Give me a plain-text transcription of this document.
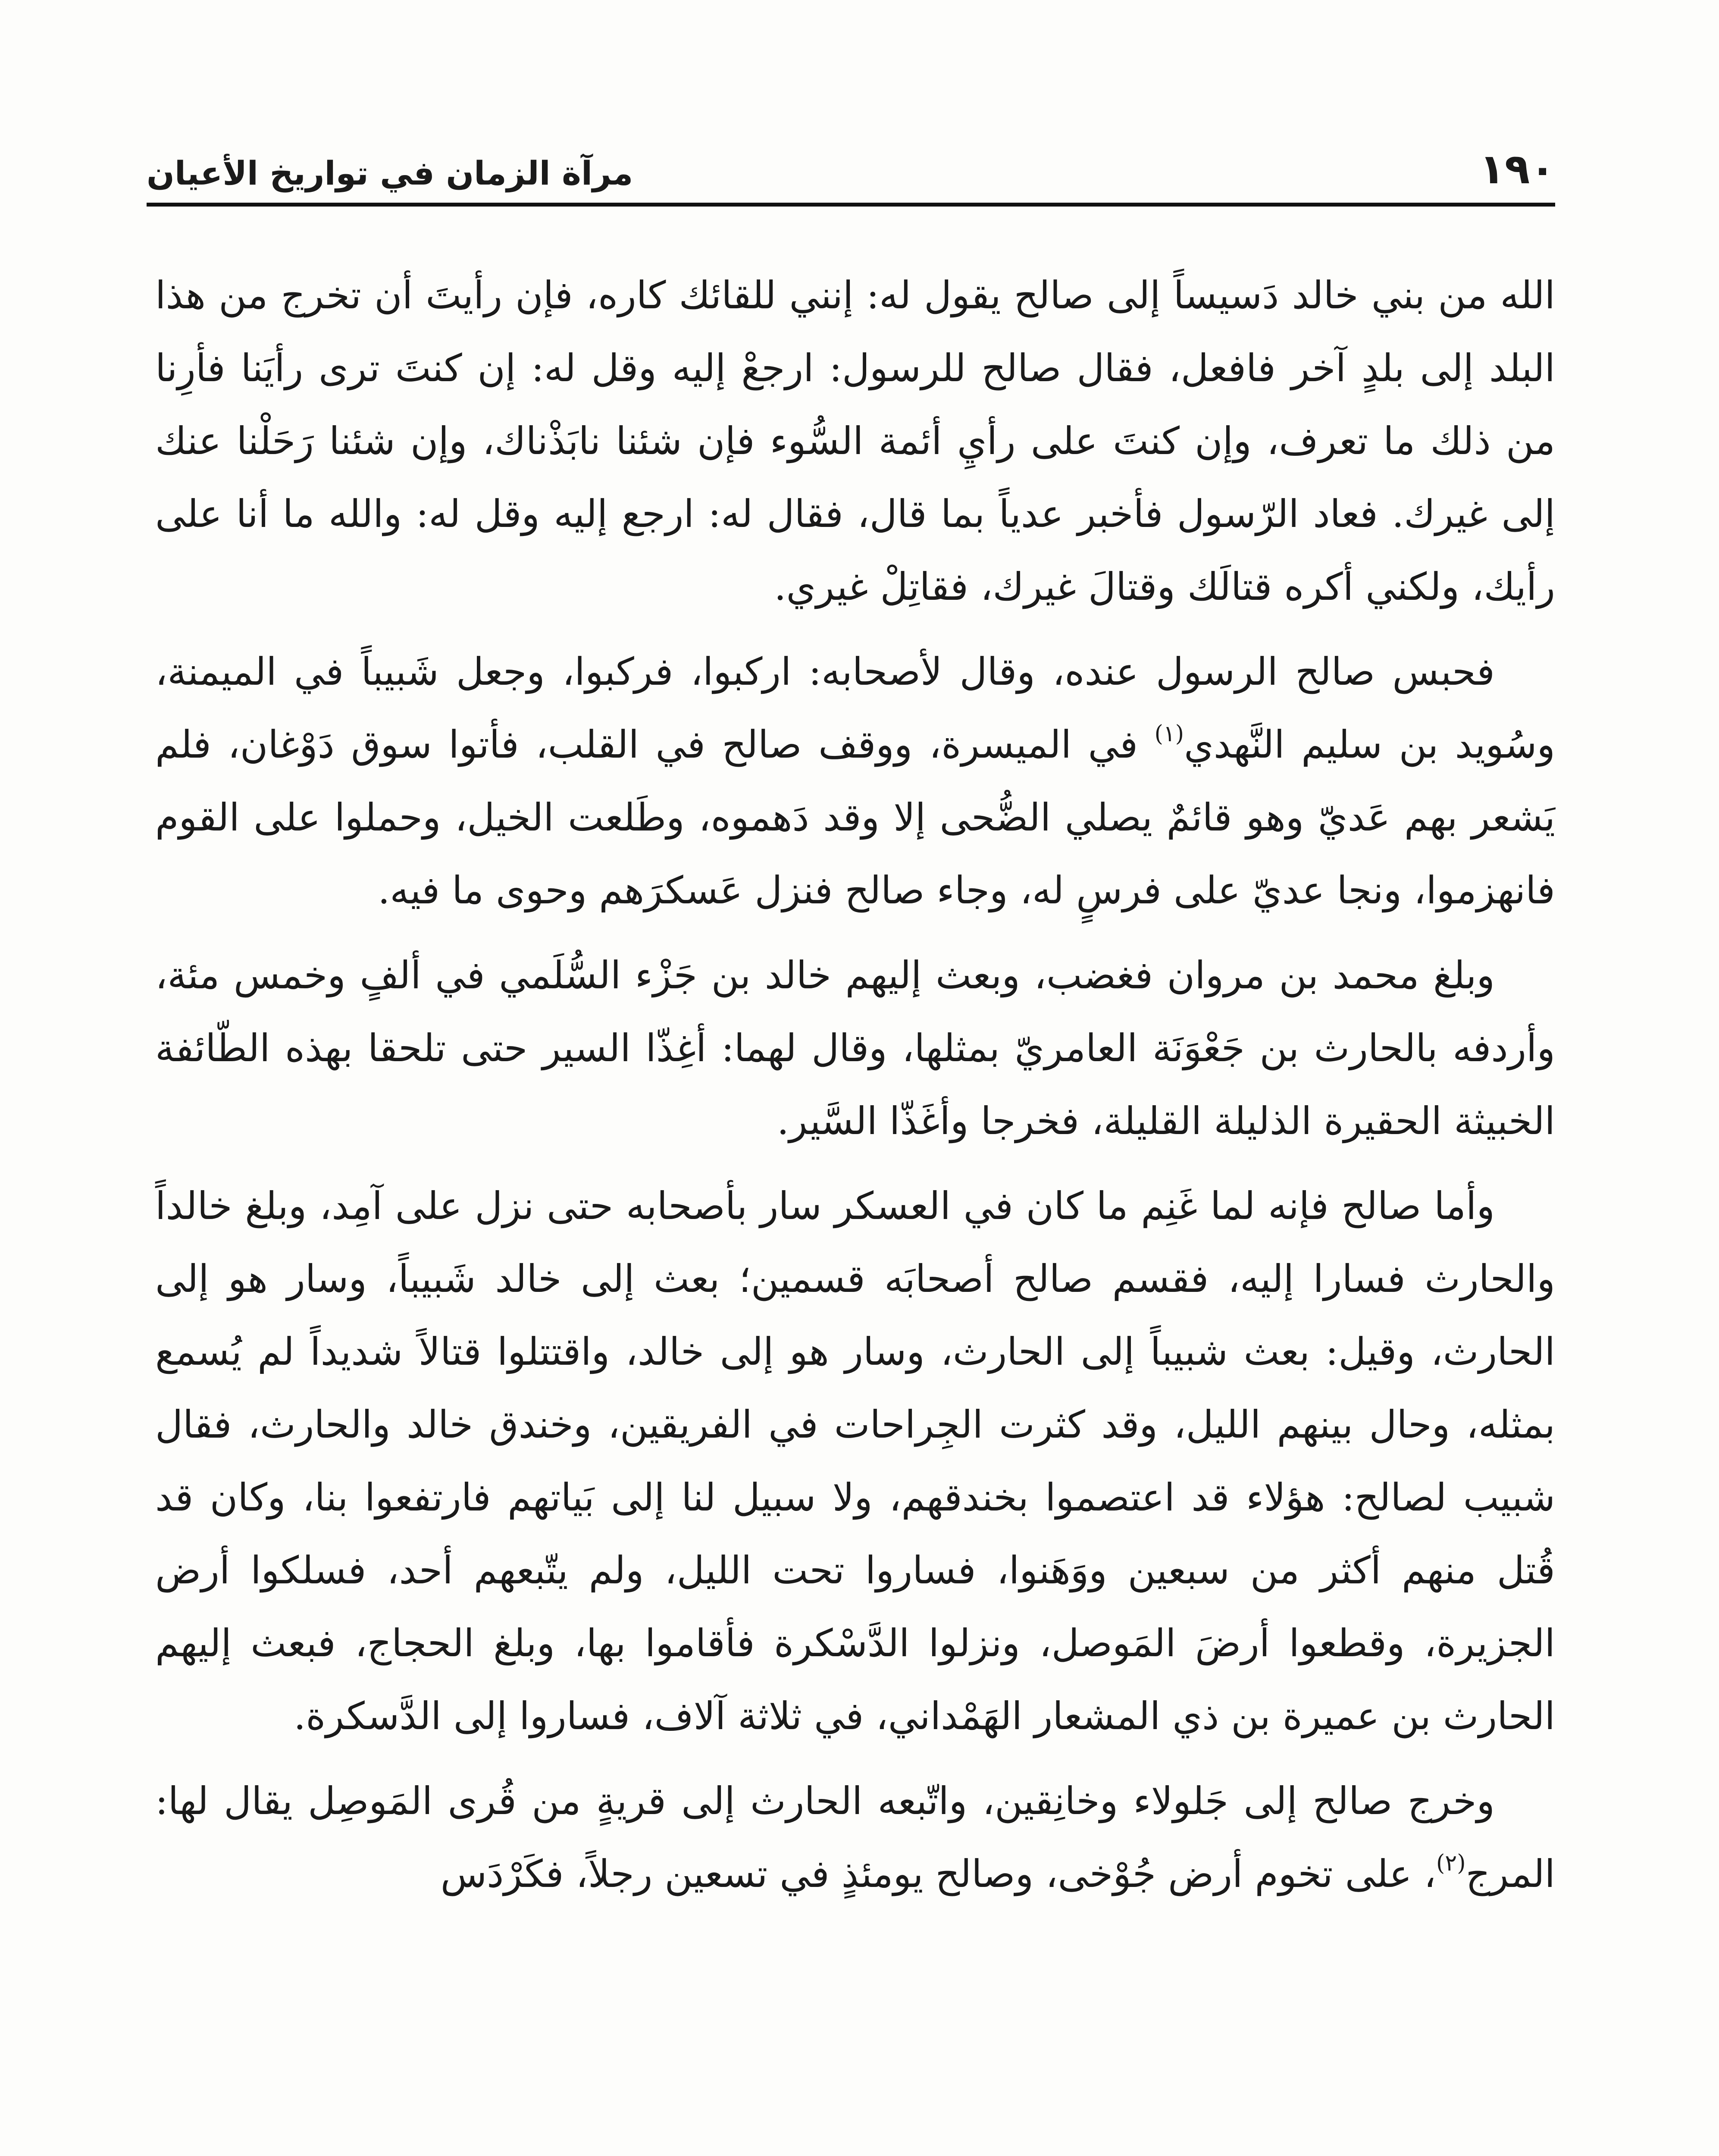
١٩٠
مرآة الزمان في تواريخ الأعيان

الله من بني خالد دَسيساً إلى صالح يقول له: إنني للقائك كاره، فإن رأيتَ أن تخرج من هذا البلد إلى بلدٍ آخر فافعل، فقال صالح للرسول: ارجعْ إليه وقل له: إن كنتَ ترى رأيَنا فأرِنا من ذلك ما تعرف، وإن كنتَ على رأيِ أئمة السُّوء فإن شئنا نابَذْناك، وإن شئنا رَحَلْنا عنك إلى غيرك. فعاد الرّسول فأخبر عدياً بما قال، فقال له: ارجع إليه وقل له: والله ما أنا على رأيك، ولكني أكره قتالَك وقتالَ غيرك، فقاتِلْ غيري.

فحبس صالح الرسول عنده، وقال لأصحابه: اركبوا، فركبوا، وجعل شَبيباً في الميمنة، وسُويد بن سليم النَّهدي$^{(١)}$ في الميسرة، ووقف صالح في القلب، فأتوا سوق دَوْغان، فلم يَشعر بهم عَديّ وهو قائمٌ يصلي الضُّحى إلا وقد دَهموه، وطَلعت الخيل، وحملوا على القوم فانهزموا، ونجا عديّ على فرسٍ له، وجاء صالح فنزل عَسكرَهم وحوى ما فيه.

وبلغ محمد بن مروان فغضب، وبعث إليهم خالد بن جَزْء السُّلَمي في ألفٍ وخمس مئة، وأردفه بالحارث بن جَعْوَنَة العامريّ بمثلها، وقال لهما: أغِذّا السير حتى تلحقا بهذه الطّائفة الخبيثة الحقيرة الذليلة القليلة، فخرجا وأغَذّا السَّير.

وأما صالح فإنه لما غَنِم ما كان في العسكر سار بأصحابه حتى نزل على آمِد، وبلغ خالداً والحارث فسارا إليه، فقسم صالح أصحابَه قسمين؛ بعث إلى خالد شَبيباً، وسار هو إلى الحارث، وقيل: بعث شبيباً إلى الحارث، وسار هو إلى خالد، واقتتلوا قتالاً شديداً لم يُسمع بمثله، وحال بينهم الليل، وقد كثرت الجِراحات في الفريقين، وخندق خالد والحارث، فقال شبيب لصالح: هؤلاء قد اعتصموا بخندقهم، ولا سبيل لنا إلى بَياتهم فارتفعوا بنا، وكان قد قُتل منهم أكثر من سبعين ووَهَنوا، فساروا تحت الليل، ولم يتّبعهم أحد، فسلكوا أرض الجزيرة، وقطعوا أرضَ المَوصل، ونزلوا الدَّسْكرة فأقاموا بها، وبلغ الحجاج، فبعث إليهم الحارث بن عميرة بن ذي المشعار الهَمْداني، في ثلاثة آلاف، فساروا إلى الدَّسكرة.

وخرج صالح إلى جَلولاء وخانِقين، واتّبعه الحارث إلى قريةٍ من قُرى المَوصِل يقال لها: المرج$^{(٢)}$، على تخوم أرض جُوْخى، وصالح يومئذٍ في تسعين رجلاً، فكَرْدَس
